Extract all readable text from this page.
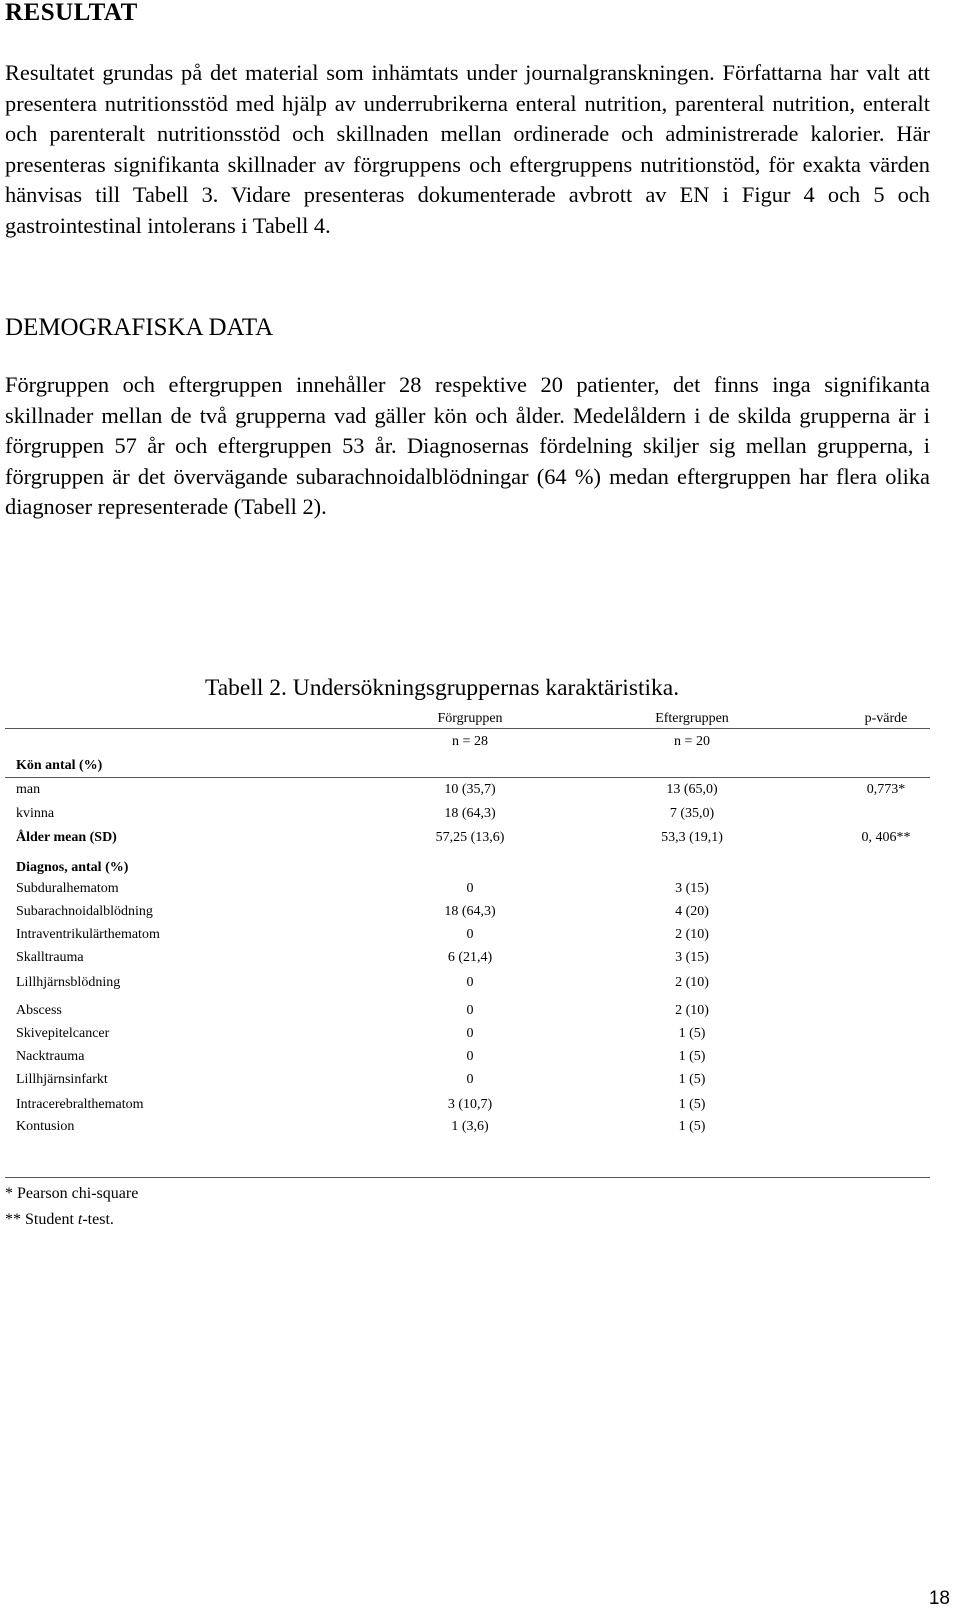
RESULTAT

Resultatet grundas på det material som inhämtats under journalgranskningen. Författarna har valt att presentera nutritionsstöd med hjälp av underrubrikerna enteral nutrition, parenteral nutrition, enteralt och parenteralt nutritionsstöd och skillnaden mellan ordinerade och administrerade kalorier. Här presenteras signifikanta skillnader av förgruppens och eftergruppens nutritionstöd, för exakta värden hänvisas till Tabell 3. Vidare presenteras dokumenterade avbrott av EN i Figur 4 och 5 och gastrointestinal intolerans i Tabell 4.

DEMOGRAFISKA DATA

Förgruppen och eftergruppen innehåller 28 respektive 20 patienter, det finns inga signifikanta skillnader mellan de två grupperna vad gäller kön och ålder. Medelåldern i de skilda grupperna är i förgruppen 57 år och eftergruppen 53 år. Diagnosernas fördelning skiljer sig mellan grupperna, i förgruppen är det övervägande subarachnoidalblödningar (64 %) medan eftergruppen har flera olika diagnoser representerade (Tabell 2).

Tabell 2. Undersökningsgruppernas karaktäristika.
Förgruppen	Eftergruppen	p-värde
n = 28	n = 20
Kön antal (%)
man	10 (35,7)	13 (65,0)	0,773*
kvinna	18 (64,3)	7 (35,0)
Ålder mean (SD)	57,25 (13,6)	53,3 (19,1)	0, 406**
Diagnos, antal (%)
Subduralhematom	0	3 (15)
Subarachnoidalblödning	18 (64,3)	4 (20)
Intraventrikulärthematom	0	2 (10)
Skalltrauma	6 (21,4)	3 (15)
Lillhjärnsblödning	0	2 (10)
Abscess	0	2 (10)
Skivepitelcancer	0	1 (5)
Nacktrauma	0	1 (5)
Lillhjärnsinfarkt	0	1 (5)
Intracerebralthematom	3 (10,7)	1 (5)
Kontusion	1 (3,6)	1 (5)
* Pearson chi-square
** Student t-test.
18
